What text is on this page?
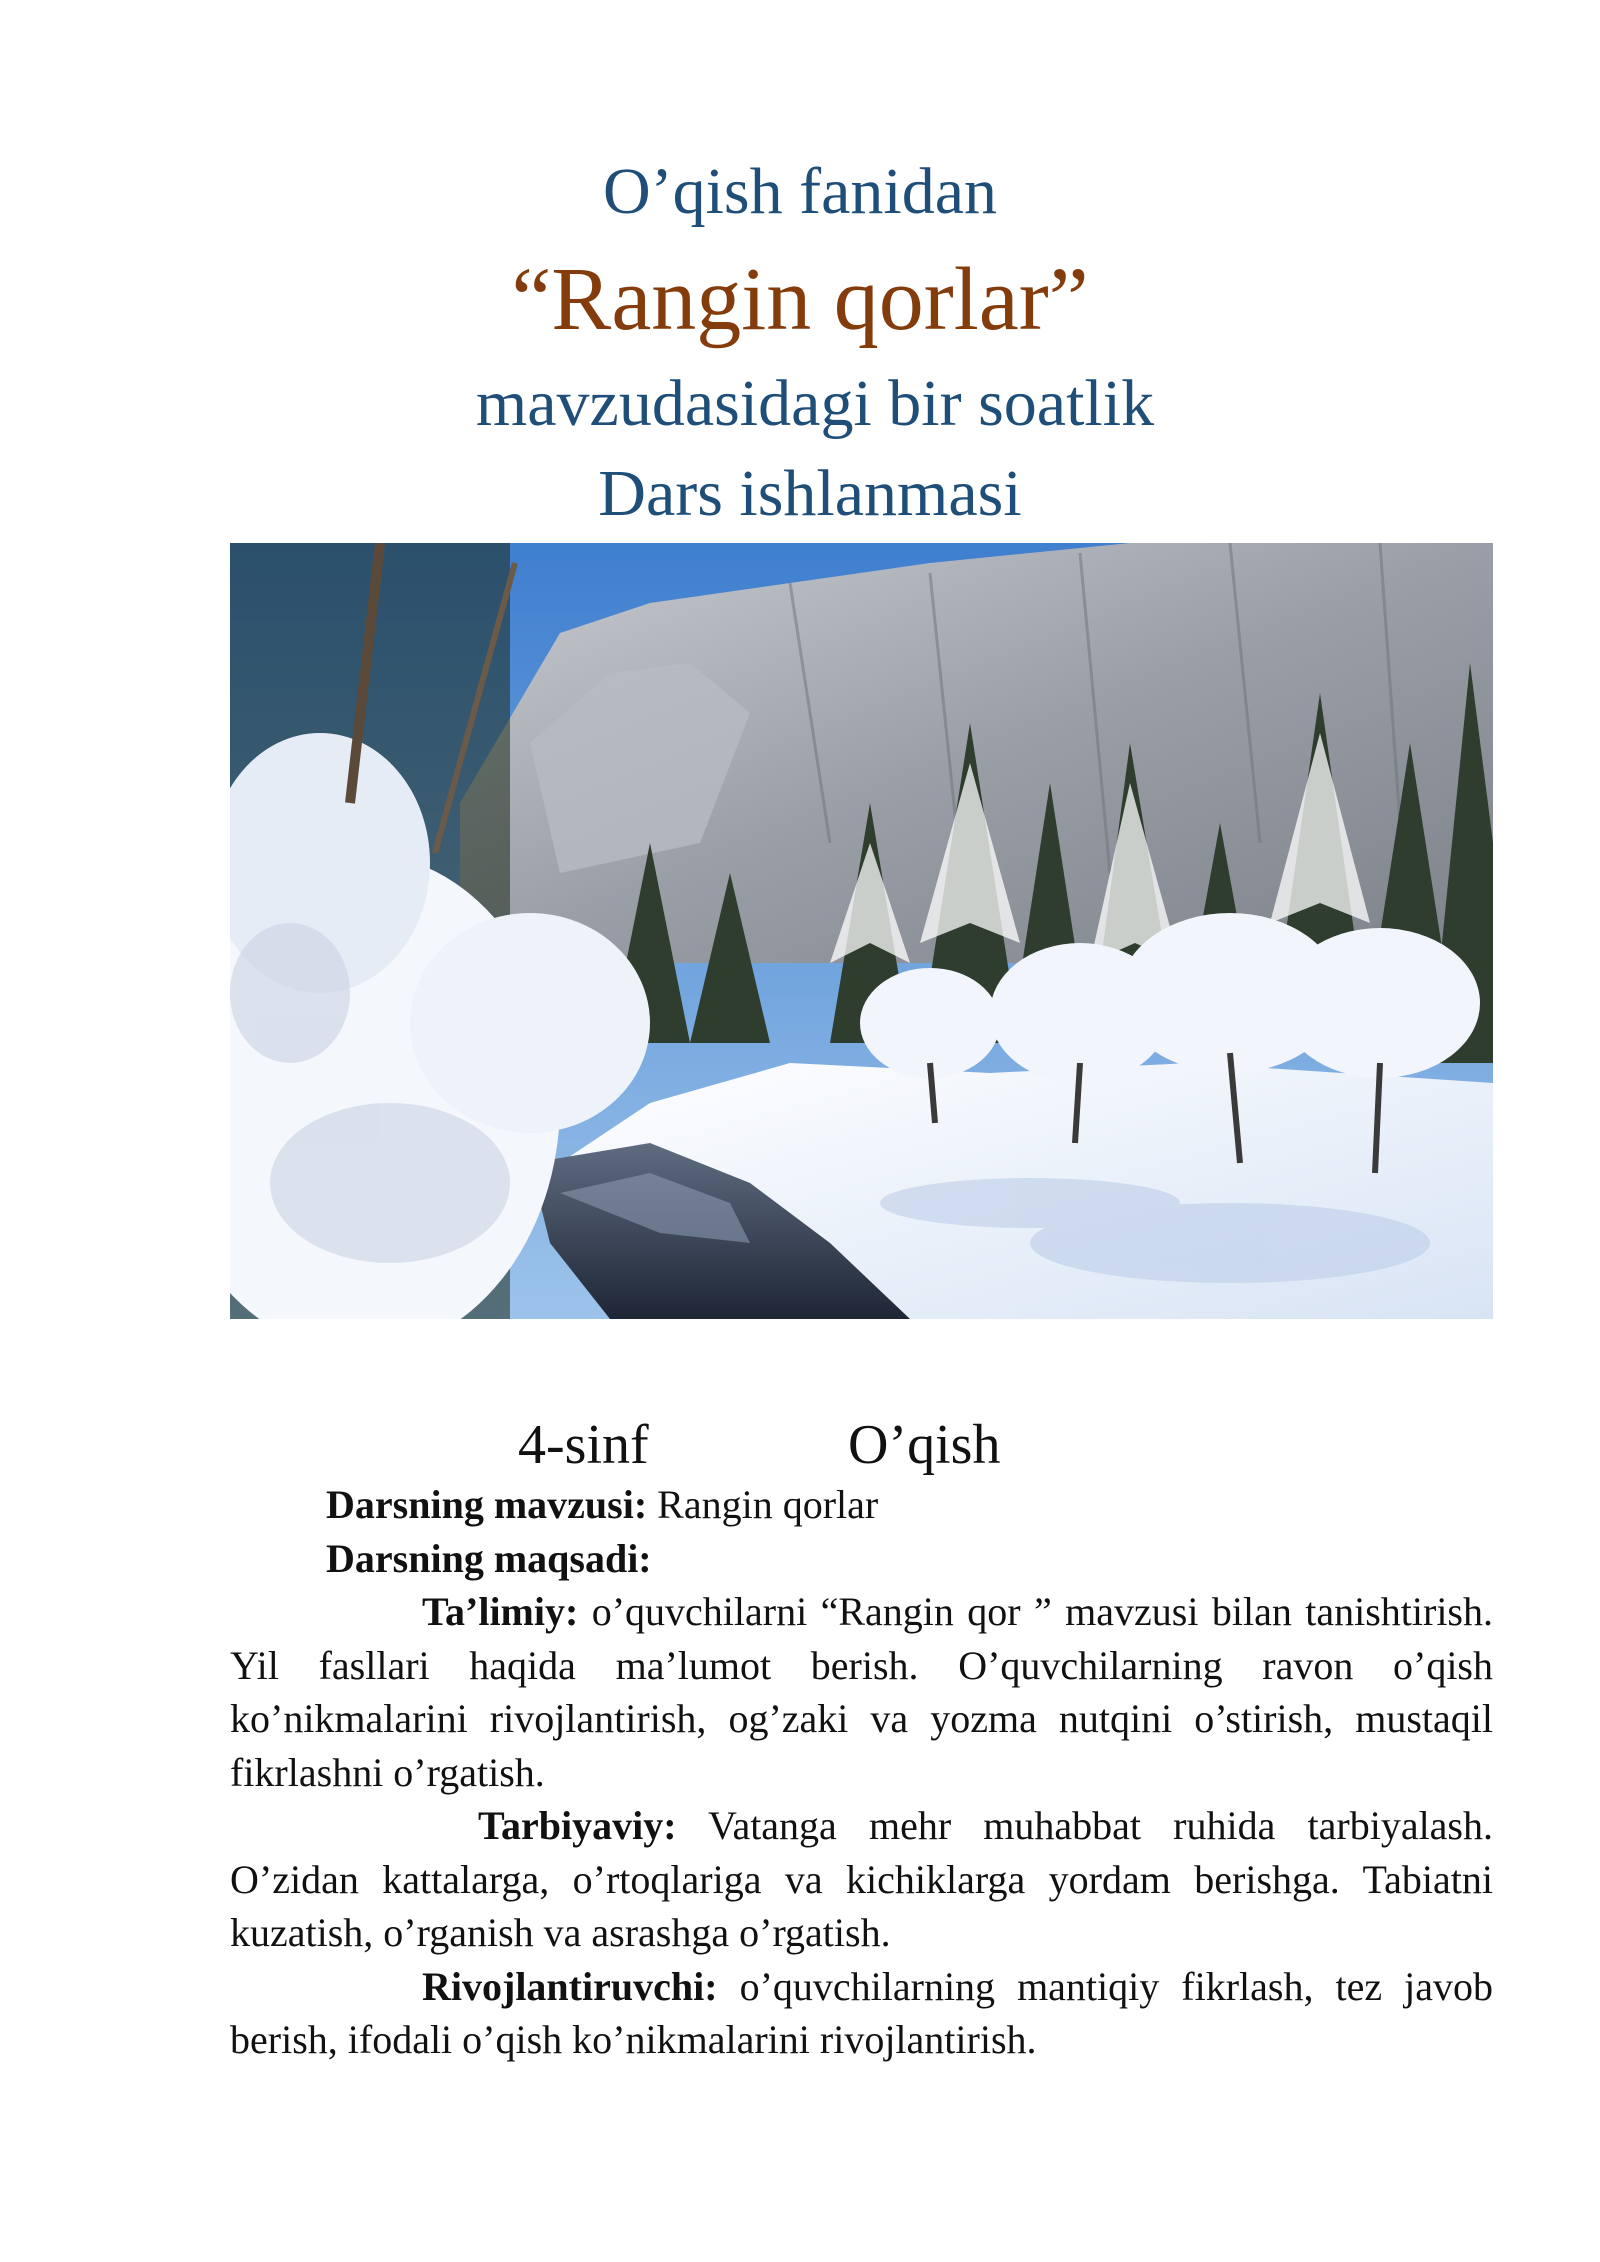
O’qish fanidan
“Rangin qorlar”
mavzudasidagi bir soatlik
Dars ishlanmasi
4-sinf	O’qish

Darsning mavzusi: Rangin qorlar

Darsning maqsadi:

Ta’limiy: o’quvchilarni “Rangin qor ” mavzusi bilan tanishtirish. Yil fasllari haqida ma’lumot berish. O’quvchilarning ravon o’qish ko’nikmalarini rivojlantirish, og’zaki va yozma nutqini o’stirish, mustaqil fikrlashni o’rgatish.

Tarbiyaviy: Vatanga mehr muhabbat ruhida tarbiyalash. O’zidan kattalarga, o’rtoqlariga va kichiklarga yordam berishga. Tabiatni kuzatish, o’rganish va asrashga o’rgatish.

Rivojlantiruvchi: o’quvchilarning mantiqiy fikrlash, tez javob berish, ifodali o’qish ko’nikmalarini rivojlantirish.
